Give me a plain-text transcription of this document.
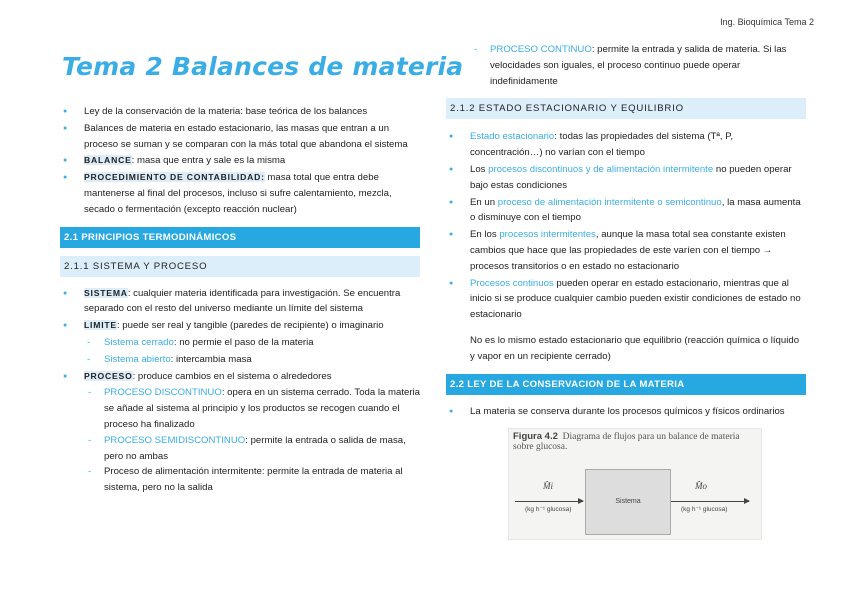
Ing. Bioquímica Tema 2
Tema 2 Balances de materia
● Ley de la conservación de la materia: base teórica de los balances
● Balances de materia en estado estacionario, las masas que entran a un proceso se suman y se comparan con la más total que abandona el sistema
● BALANCE: masa que entra y sale es la misma
● PROCEDIMIENTO DE CONTABILIDAD: masa total que entra debe mantenerse al final del procesos, incluso si sufre calentamiento, mezcla, secado o fermentación (excepto reacción nuclear)
2.1 PRINCIPIOS TERMODINÁMICOS
2.1.1 SISTEMA Y PROCESO
● SISTEMA: cualquier materia identificada para investigación. Se encuentra separado con el resto del universo mediante un límite del sistema
● LIMITE: puede ser real y tangible (paredes de recipiente) o imaginario
- Sistema cerrado: no permie el paso de la materia
- Sistema abierto: intercambia masa
● PROCESO: produce cambios en el sistema o alrededores
- PROCESO DISCONTINUO: opera en un sistema cerrado. Toda la materia se añade al sistema al principio y los productos se recogen cuando el proceso ha finalizado
- PROCESO SEMIDISCONTINUO: permite la entrada o salida de masa, pero no ambas
- Proceso de alimentación intermitente: permite la entrada de materia al sistema, pero no la salida
- PROCESO CONTINUO: permite la entrada y salida de materia. Si las velocidades son iguales, el proceso continuo puede operar indefinidamente
2.1.2 ESTADO ESTACIONARIO Y EQUILIBRIO
● Estado estacionario: todas las propiedades del sistema (Tª, P, concentración…) no varían con el tiempo
● Los procesos discontinuos y de alimentación intermitente no pueden operar bajo estas condiciones
● En un proceso de alimentación intermitente o semicontinuo, la masa aumenta o disminuye con el tiempo
● En los procesos intermitentes, aunque la masa total sea constante existen cambios que hace que las propiedades de este varíen con el tiempo → procesos transitorios o en estado no estacionario
● Procesos continuos pueden operar en estado estacionario, mientras que al inicio si se produce cualquier cambio pueden existir condiciones de estado no estacionario
No es lo mismo estado estacionario que equilibrio (reacción química o líquido y vapor en un recipiente cerrado)
2.2 LEY DE LA CONSERVACION DE LA MATERIA
● La materia se conserva durante los procesos químicos y físicos ordinarios
Figura 4.2 Diagrama de flujos para un balance de materia sobre glucosa.
M̂i
(kg h⁻¹ glucosa)
Sistema
M̂o
(kg h⁻¹ glucosa)
